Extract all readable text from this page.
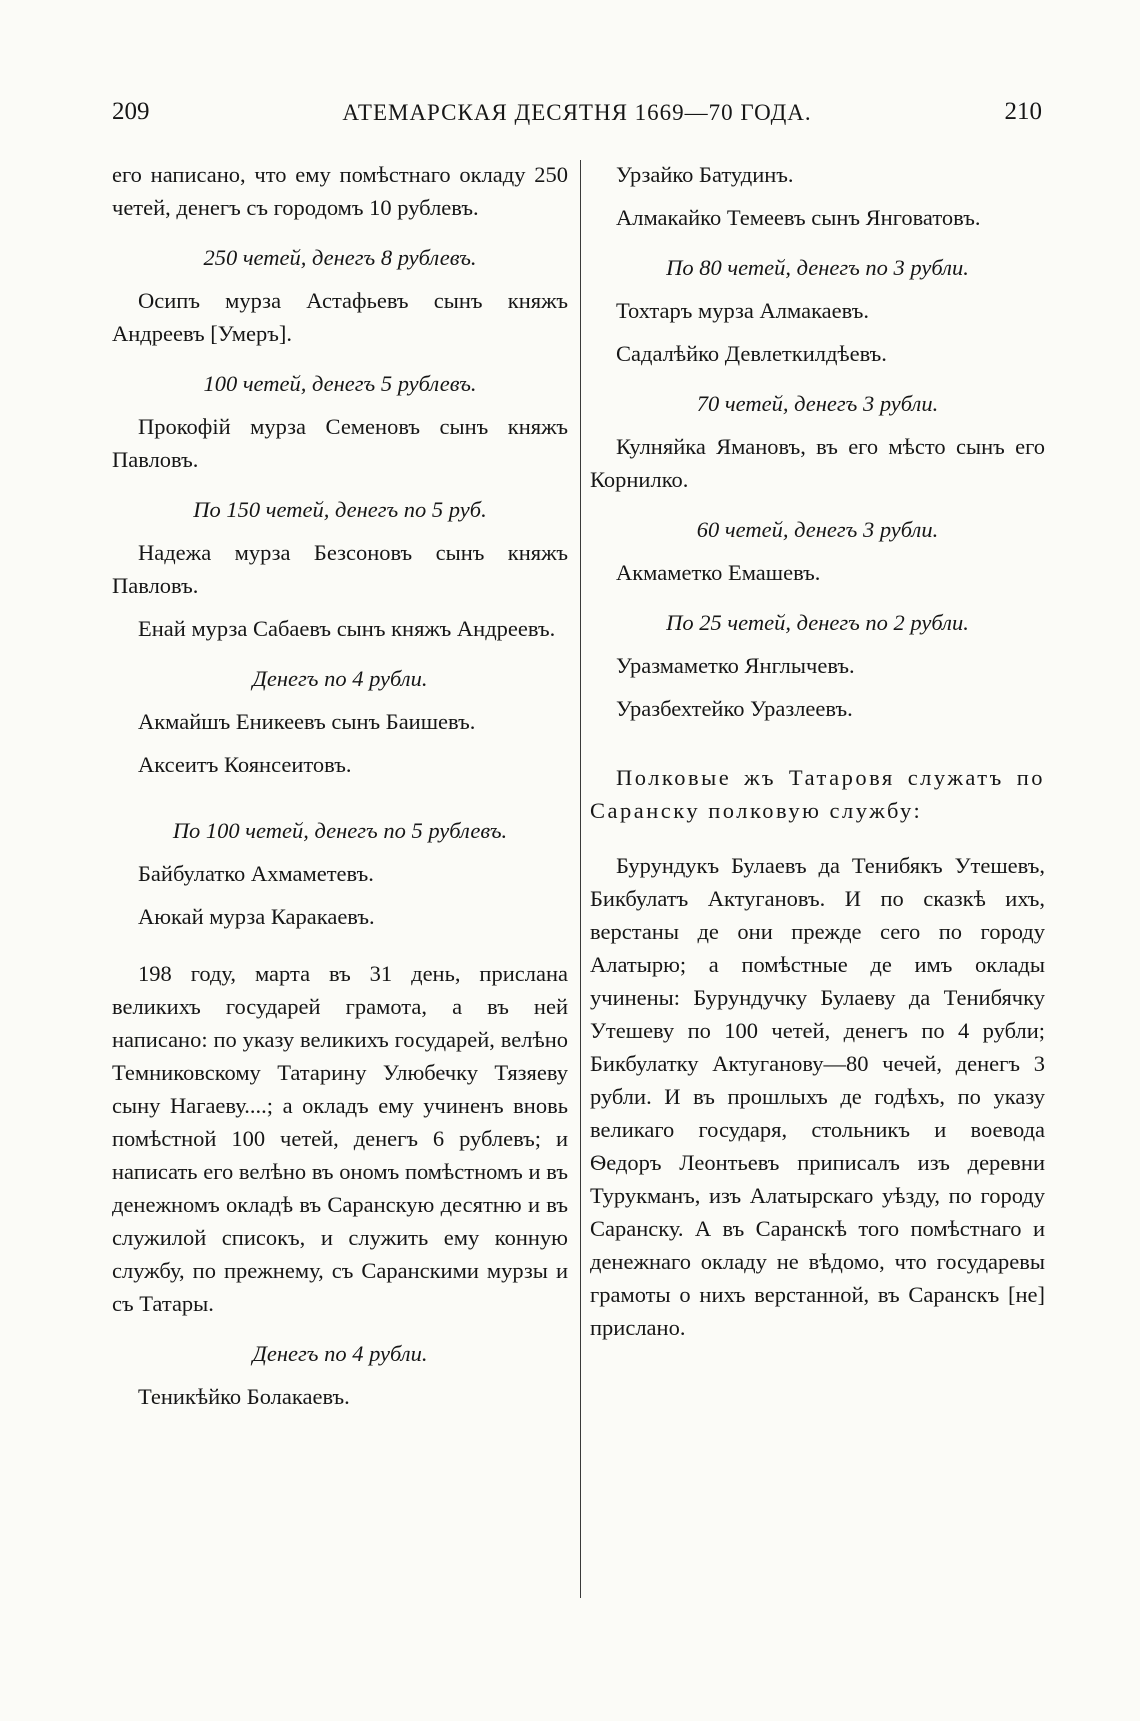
209	АТЕМАРСКАЯ ДЕСЯТНЯ 1669—70 ГОДА.	210

его написано, что ему помѣстнаго окладу 250 четей, денегъ съ городомъ 10 рублевъ.

250 четей, денегъ 8 рублевъ.

Осипъ мурза Астафьевъ сынъ княжъ Андреевъ [Умеръ].

100 четей, денегъ 5 рублевъ.

Прокофій мурза Семеновъ сынъ княжъ Павловъ.

По 150 четей, денегъ по 5 руб.

Надежа мурза Безсоновъ сынъ княжъ Павловъ.

Енай мурза Сабаевъ сынъ княжъ Андреевъ.

Денегъ по 4 рубли.

Акмайшъ Еникеевъ сынъ Баишевъ.

Аксеитъ Коянсеитовъ.

По 100 четей, денегъ по 5 рублевъ.

Байбулатко Ахмаметевъ.

Аюкай мурза Каракаевъ.

198 году, марта въ 31 день, прислана великихъ государей грамота, а въ ней написано: по указу великихъ государей, велѣно Темниковскому Татарину Улюбечку Тязяеву сыну Нагаеву....; а окладъ ему учиненъ вновь помѣстной 100 четей, денегъ 6 рублевъ; и написать его велѣно въ ономъ помѣстномъ и въ денежномъ окладѣ въ Саранскую десятню и въ служилой списокъ, и служить ему конную службу, по прежнему, съ Саранскими мурзы и съ Татары.

Денегъ по 4 рубли.

Теникѣйко Болакаевъ.

Урзайко Батудинъ.

Алмакайко Темеевъ сынъ Янговатовъ.

По 80 четей, денегъ по 3 рубли.

Тохтаръ мурза Алмакаевъ.

Садалѣйко Девлеткилдѣевъ.

70 четей, денегъ 3 рубли.

Кулняйка Ямановъ, въ его мѣсто сынъ его Корнилко.

60 четей, денегъ 3 рубли.

Акмаметко Емашевъ.

По 25 четей, денегъ по 2 рубли.

Уразмаметко Янглычевъ.

Уразбехтейко Уразлеевъ.

Полковые жъ Татаровя служатъ по Саранску полковую службу:

Бурундукъ Булаевъ да Тенибякъ Утешевъ, Бикбулатъ Актугановъ. И по сказкѣ ихъ, верстаны де они прежде сего по городу Алатырю; а помѣстные де имъ оклады учинены: Бурундучку Булаеву да Тенибячку Утешеву по 100 четей, денегъ по 4 рубли; Бикбулатку Актуганову—80 чечей, денегъ 3 рубли. И въ прошлыхъ де годѣхъ, по указу великаго государя, стольникъ и воевода Ѳедоръ Леонтьевъ приписалъ изъ деревни Турукманъ, изъ Алатырскаго уѣзду, по городу Саранску. А въ Саранскѣ того помѣстнаго и денежнаго окладу не вѣдомо, что государевы грамоты о нихъ верстанной, въ Саранскъ [не] прислано.
